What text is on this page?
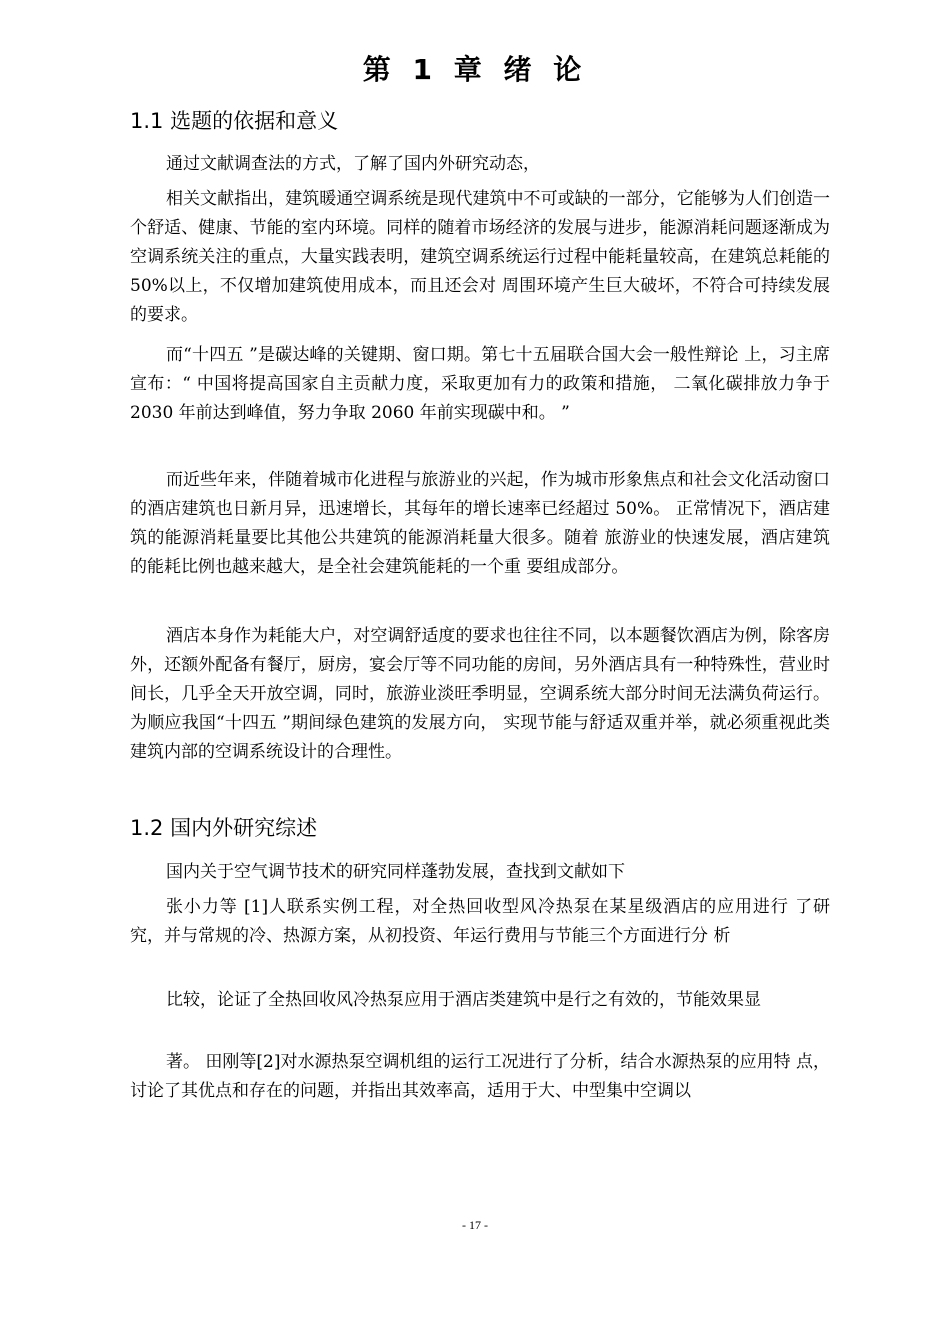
第 1 章 绪 论
1.1 选题的依据和意义

通过文献调查法的方式，了解了国内外研究动态，

相关文献指出，建筑暖通空调系统是现代建筑中不可或缺的一部分，它能够为人们创造一个舒适、健康、节能的室内环境。同样的随着市场经济的发展与进步，能源消耗问题逐渐成为空调系统关注的重点，大量实践表明，建筑空调系统运行过程中能耗量较高，在建筑总耗能的 50%以上，不仅增加建筑使用成本，而且还会对 周围环境产生巨大破坏，不符合可持续发展的要求。

而“十四五 ”是碳达峰的关键期、窗口期。第七十五届联合国大会一般性辩论 上，习主席宣布：“ 中国将提高国家自主贡献力度，采取更加有力的政策和措施， 二氧化碳排放力争于 2030 年前达到峰值，努力争取 2060 年前实现碳中和。 ”

而近些年来，伴随着城市化进程与旅游业的兴起，作为城市形象焦点和社会文化活动窗口的酒店建筑也日新月异，迅速增长，其每年的增长速率已经超过 50%。 正常情况下，酒店建筑的能源消耗量要比其他公共建筑的能源消耗量大很多。随着 旅游业的快速发展，酒店建筑的能耗比例也越来越大，是全社会建筑能耗的一个重 要组成部分。

酒店本身作为耗能大户，对空调舒适度的要求也往往不同，以本题餐饮酒店为例，除客房外，还额外配备有餐厅，厨房，宴会厅等不同功能的房间，另外酒店具有一种特殊性，营业时间长，几乎全天开放空调，同时，旅游业淡旺季明显，空调系统大部分时间无法满负荷运行。为顺应我国“十四五 ”期间绿色建筑的发展方向， 实现节能与舒适双重并举，就必须重视此类建筑内部的空调系统设计的合理性。

1.2 国内外研究综述

国内关于空气调节技术的研究同样蓬勃发展，查找到文献如下

张小力等 [1]人联系实例工程，对全热回收型风冷热泵在某星级酒店的应用进行 了研 究，并与常规的冷、热源方案，从初投资、年运行费用与节能三个方面进行分 析

比较，论证了全热回收风冷热泵应用于酒店类建筑中是行之有效的，节能效果显

著。 田刚等[2]对水源热泵空调机组的运行工况进行了分析，结合水源热泵的应用特 点，讨论了其优点和存在的问题，并指出其效率高，适用于大、中型集中空调以

- 17 -
